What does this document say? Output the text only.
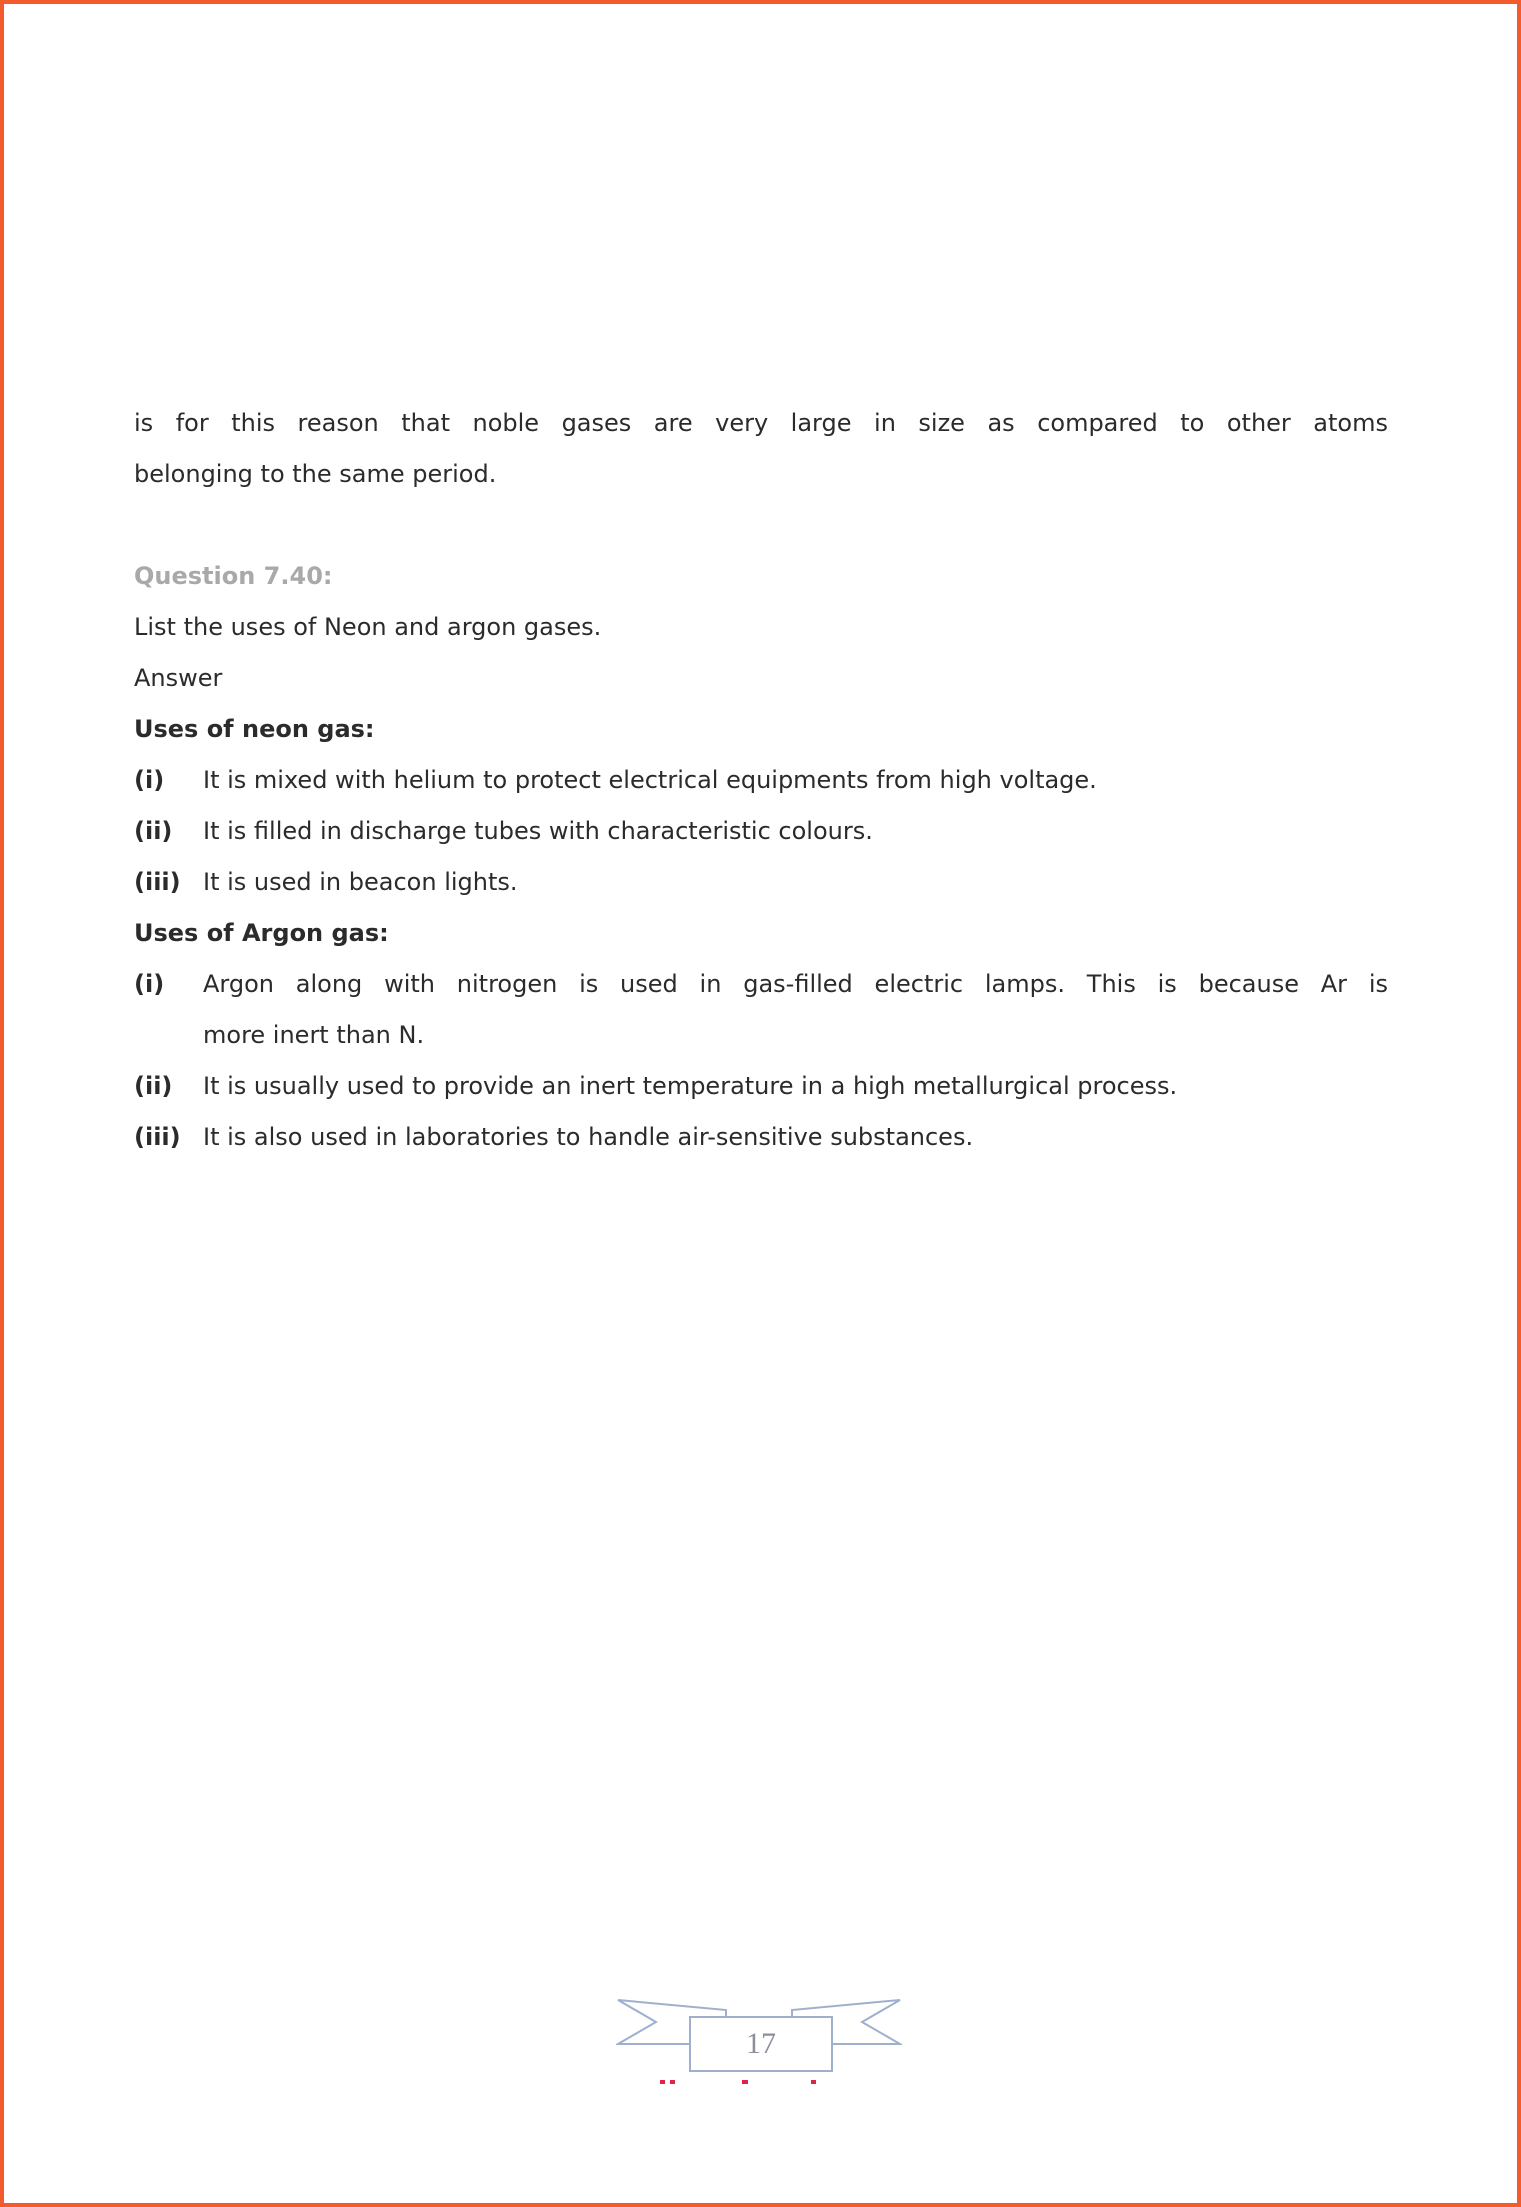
is for this reason that noble gases are very large in size as compared to other atoms
belonging to the same period.
Question 7.40:
List the uses of Neon and argon gases.
Answer
Uses of neon gas:
(i)	It is mixed with helium to protect electrical equipments from high voltage.
(ii)	It is filled in discharge tubes with characteristic colours.
(iii) It is used in beacon lights.
Uses of Argon gas:
(i)	Argon along with nitrogen is used in gas-filled electric lamps. This is because Ar is
more inert than N.
(ii)	It is usually used to provide an inert temperature in a high metallurgical process.
(iii) It is also used in laboratories to handle air-sensitive substances.
17
